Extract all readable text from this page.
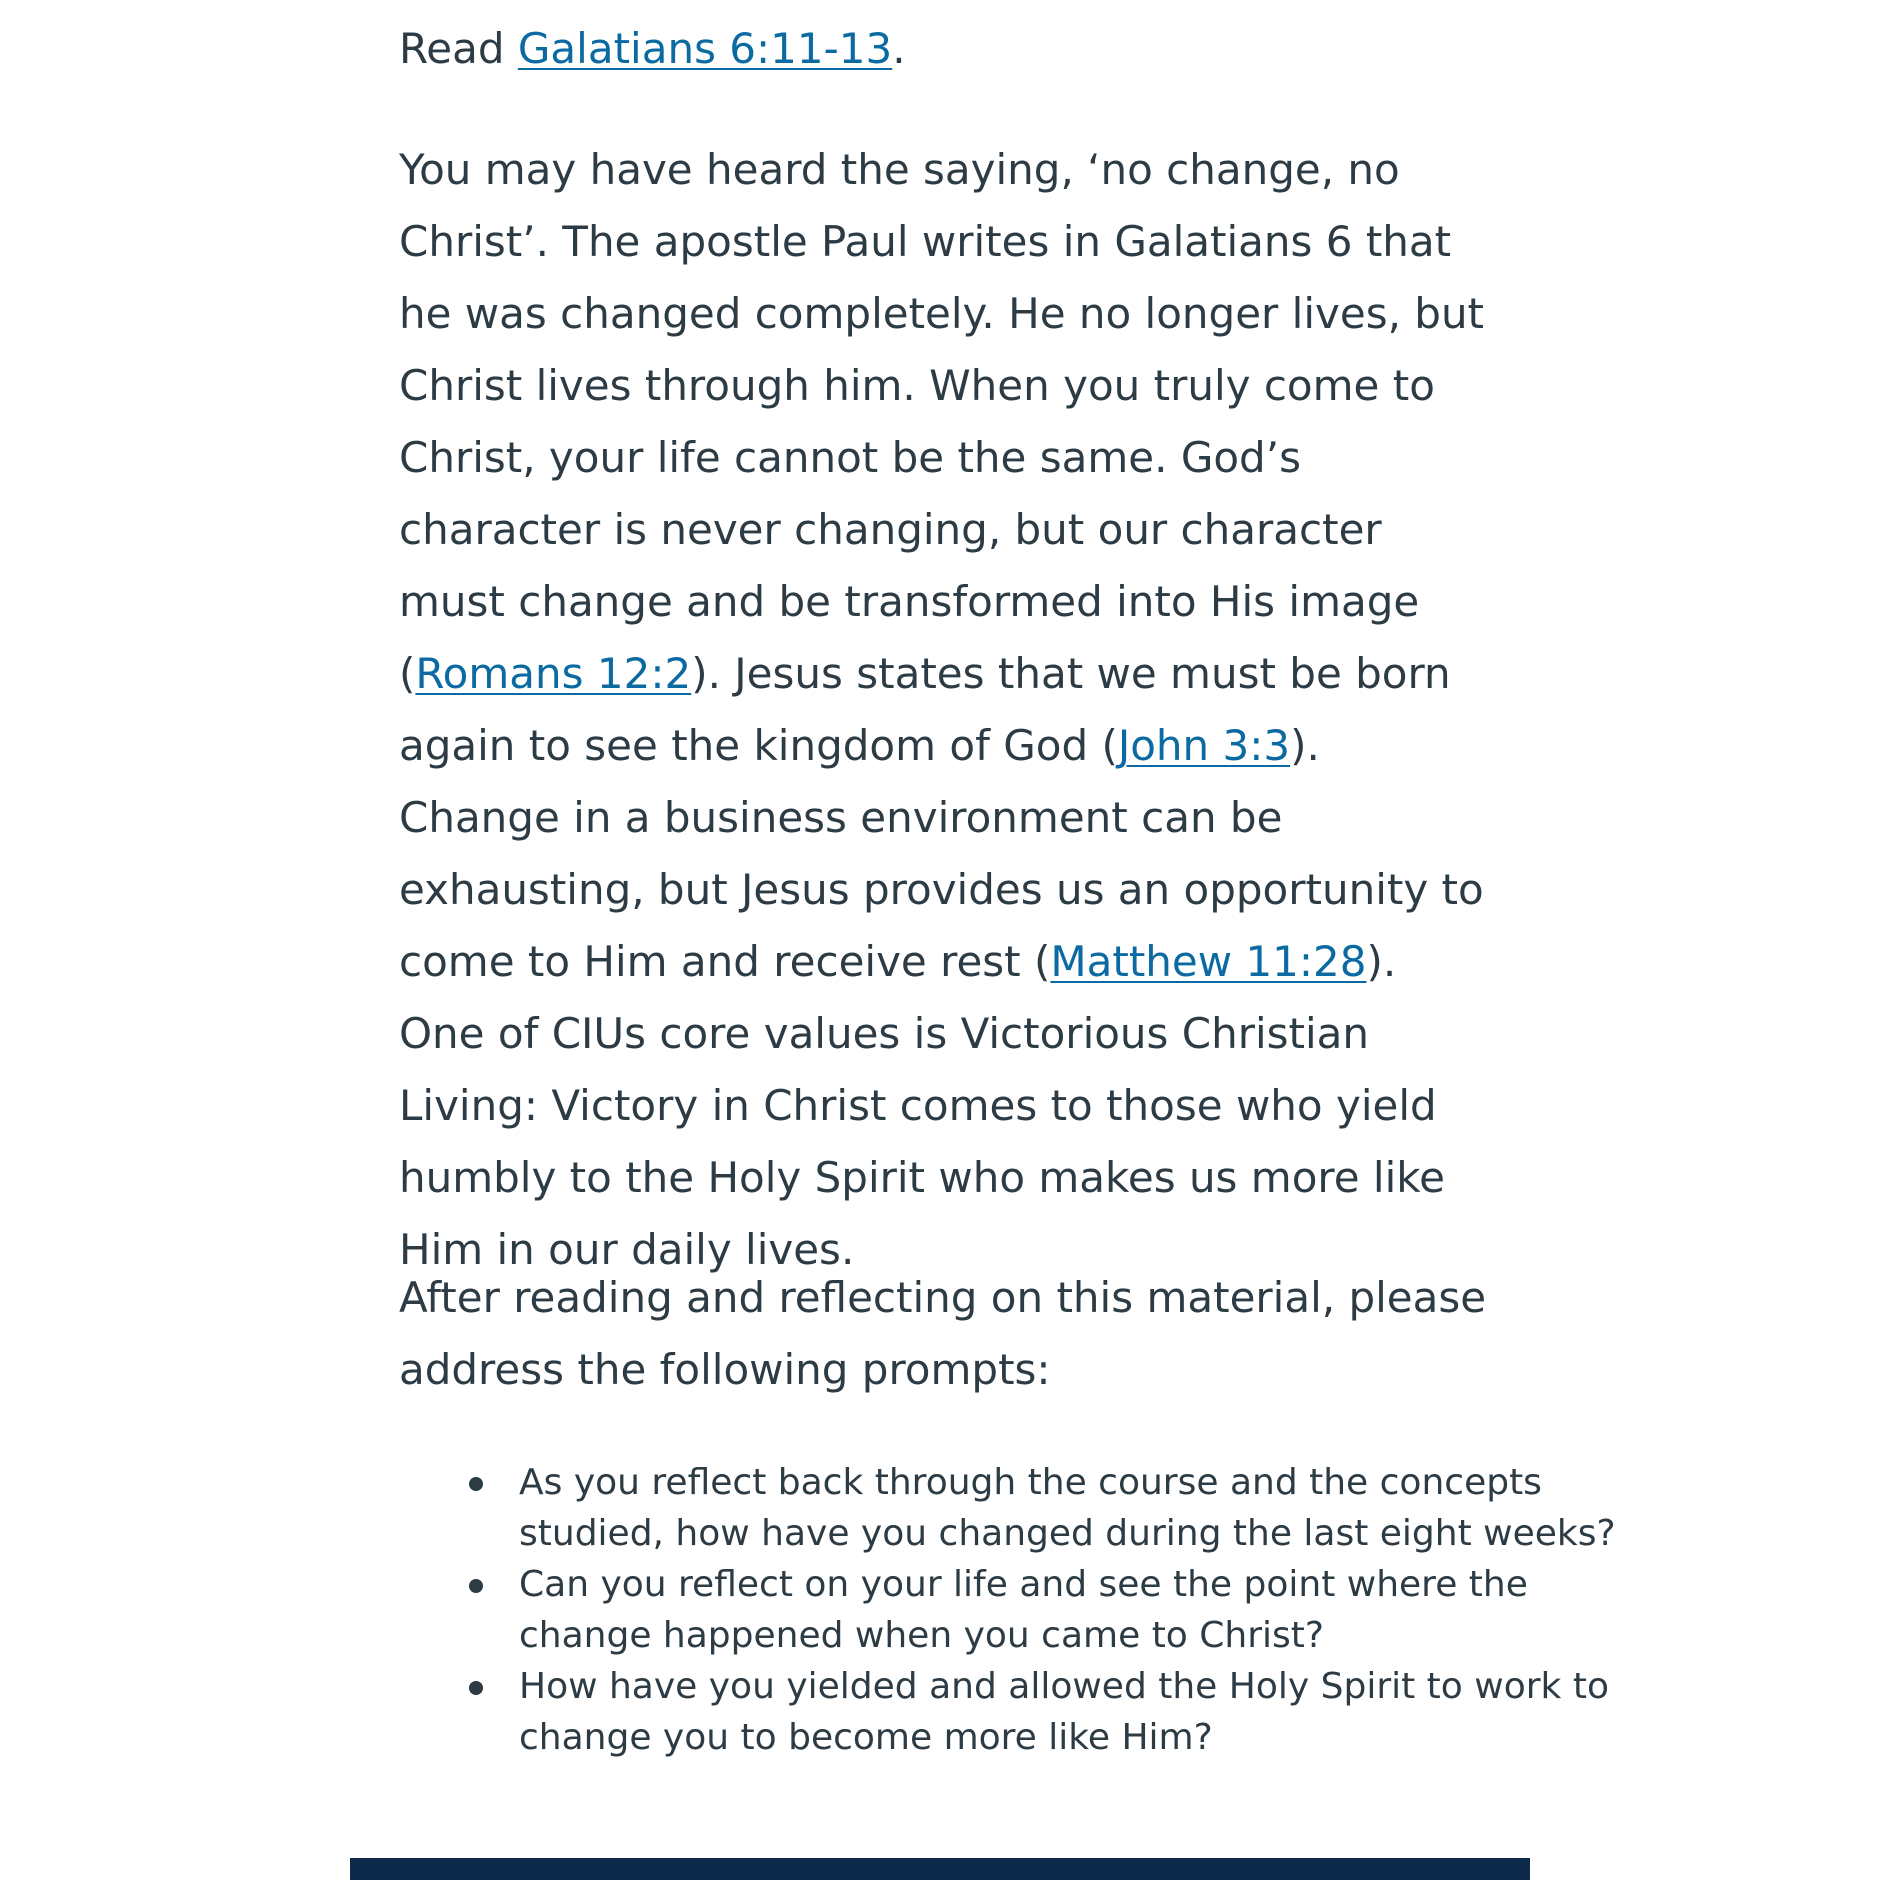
Read Galatians 6:11-13.

You may have heard the saying, ‘no change, no Christ’. The apostle Paul writes in Galatians 6 that he was changed completely. He no longer lives, but Christ lives through him. When you truly come to Christ, your life cannot be the same. God’s character is never changing, but our character must change and be transformed into His image (Romans 12:2). Jesus states that we must be born again to see the kingdom of God (John 3:3). Change in a business environment can be exhausting, but Jesus provides us an opportunity to come to Him and receive rest (Matthew 11:28). One of CIUs core values is Victorious Christian Living: Victory in Christ comes to those who yield humbly to the Holy Spirit who makes us more like Him in our daily lives.

After reading and reflecting on this material, please address the following prompts:

As you reflect back through the course and the concepts studied, how have you changed during the last eight weeks?
Can you reflect on your life and see the point where the change happened when you came to Christ?
How have you yielded and allowed the Holy Spirit to work to change you to become more like Him?
